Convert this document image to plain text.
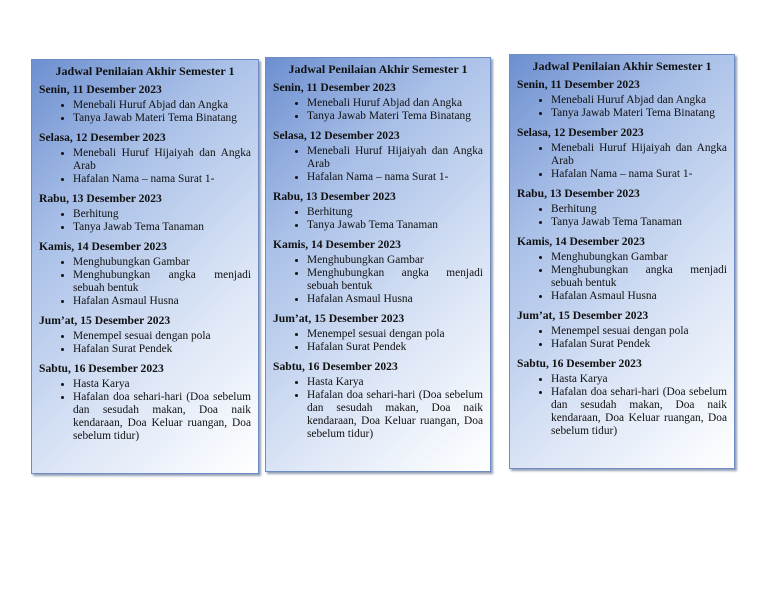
Jadwal Penilaian Akhir Semester 1
Senin, 11 Desember 2023
• Menebali Huruf Abjad dan Angka
• Tanya Jawab Materi Tema Binatang
Selasa, 12 Desember 2023
• Menebali Huruf Hijaiyah dan Angka Arab
• Hafalan Nama – nama Surat 1-
Rabu, 13 Desember 2023
• Berhitung
• Tanya Jawab Tema Tanaman
Kamis, 14 Desember 2023
• Menghubungkan Gambar
• Menghubungkan angka menjadi sebuah bentuk
• Hafalan Asmaul Husna
Jum’at, 15 Desember 2023
• Menempel sesuai dengan pola
• Hafalan Surat Pendek
Sabtu, 16 Desember 2023
• Hasta Karya
• Hafalan doa sehari-hari (Doa sebelum dan sesudah makan, Doa naik kendaraan, Doa Keluar ruangan, Doa sebelum tidur)
Jadwal Penilaian Akhir Semester 1
Senin, 11 Desember 2023
• Menebali Huruf Abjad dan Angka
• Tanya Jawab Materi Tema Binatang
Selasa, 12 Desember 2023
• Menebali Huruf Hijaiyah dan Angka Arab
• Hafalan Nama – nama Surat 1-
Rabu, 13 Desember 2023
• Berhitung
• Tanya Jawab Tema Tanaman
Kamis, 14 Desember 2023
• Menghubungkan Gambar
• Menghubungkan angka menjadi sebuah bentuk
• Hafalan Asmaul Husna
Jum’at, 15 Desember 2023
• Menempel sesuai dengan pola
• Hafalan Surat Pendek
Sabtu, 16 Desember 2023
• Hasta Karya
• Hafalan doa sehari-hari (Doa sebelum dan sesudah makan, Doa naik kendaraan, Doa Keluar ruangan, Doa sebelum tidur)
Jadwal Penilaian Akhir Semester 1
Senin, 11 Desember 2023
• Menebali Huruf Abjad dan Angka
• Tanya Jawab Materi Tema Binatang
Selasa, 12 Desember 2023
• Menebali Huruf Hijaiyah dan Angka Arab
• Hafalan Nama – nama Surat 1-
Rabu, 13 Desember 2023
• Berhitung
• Tanya Jawab Tema Tanaman
Kamis, 14 Desember 2023
• Menghubungkan Gambar
• Menghubungkan angka menjadi sebuah bentuk
• Hafalan Asmaul Husna
Jum’at, 15 Desember 2023
• Menempel sesuai dengan pola
• Hafalan Surat Pendek
Sabtu, 16 Desember 2023
• Hasta Karya
• Hafalan doa sehari-hari (Doa sebelum dan sesudah makan, Doa naik kendaraan, Doa Keluar ruangan, Doa sebelum tidur)
